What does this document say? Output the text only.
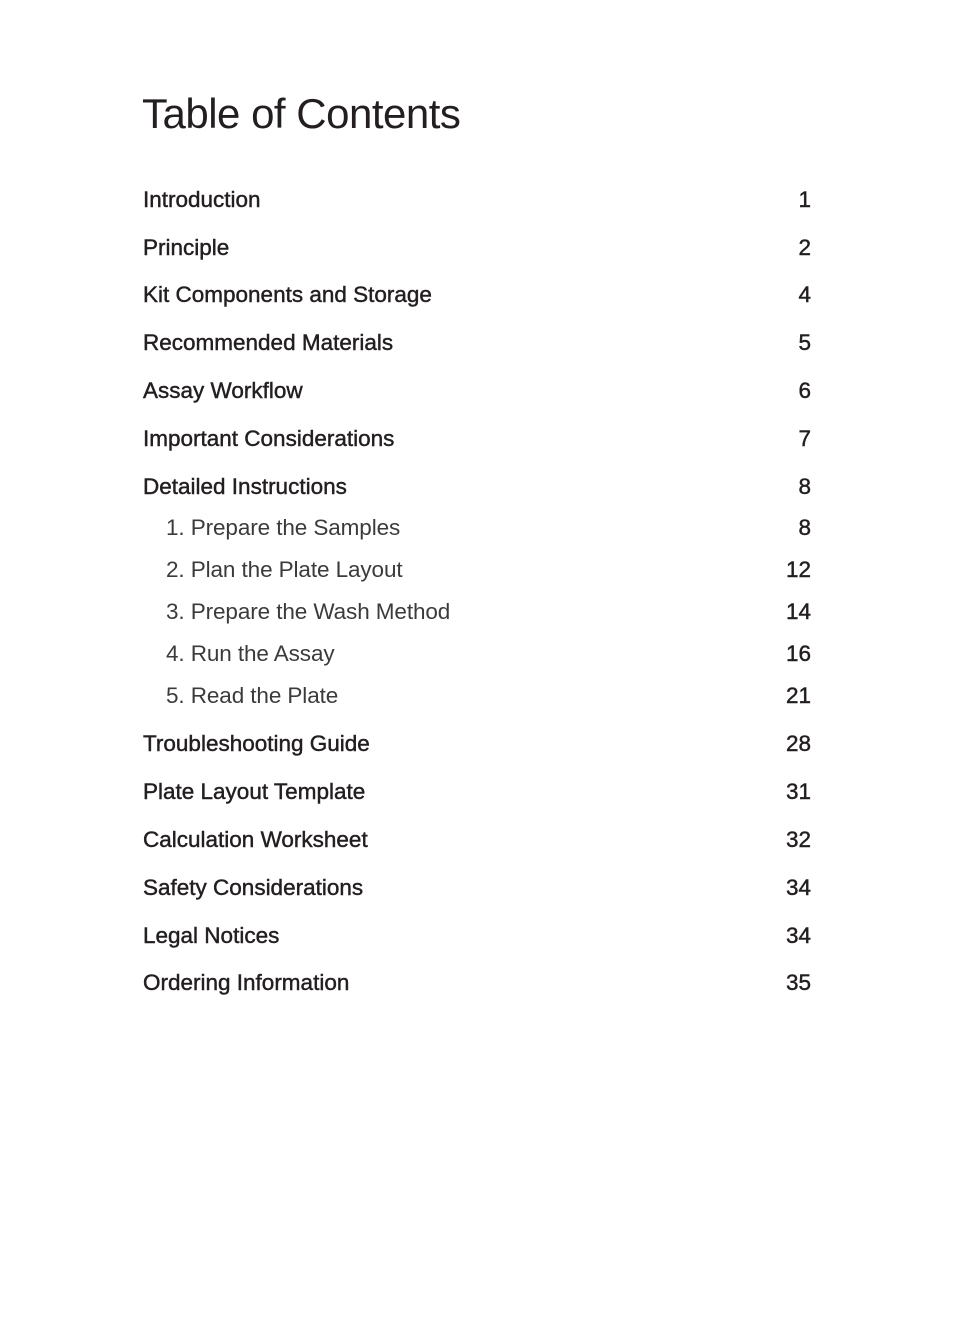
Table of Contents
Introduction	1
Principle	2
Kit Components and Storage	4
Recommended Materials	5
Assay Workflow	6
Important Considerations	7
Detailed Instructions	8
1. Prepare the Samples	8
2. Plan the Plate Layout	12
3. Prepare the Wash Method	14
4. Run the Assay	16
5. Read the Plate	21
Troubleshooting Guide	28
Plate Layout Template	31
Calculation Worksheet	32
Safety Considerations	34
Legal Notices	34
Ordering Information	35
